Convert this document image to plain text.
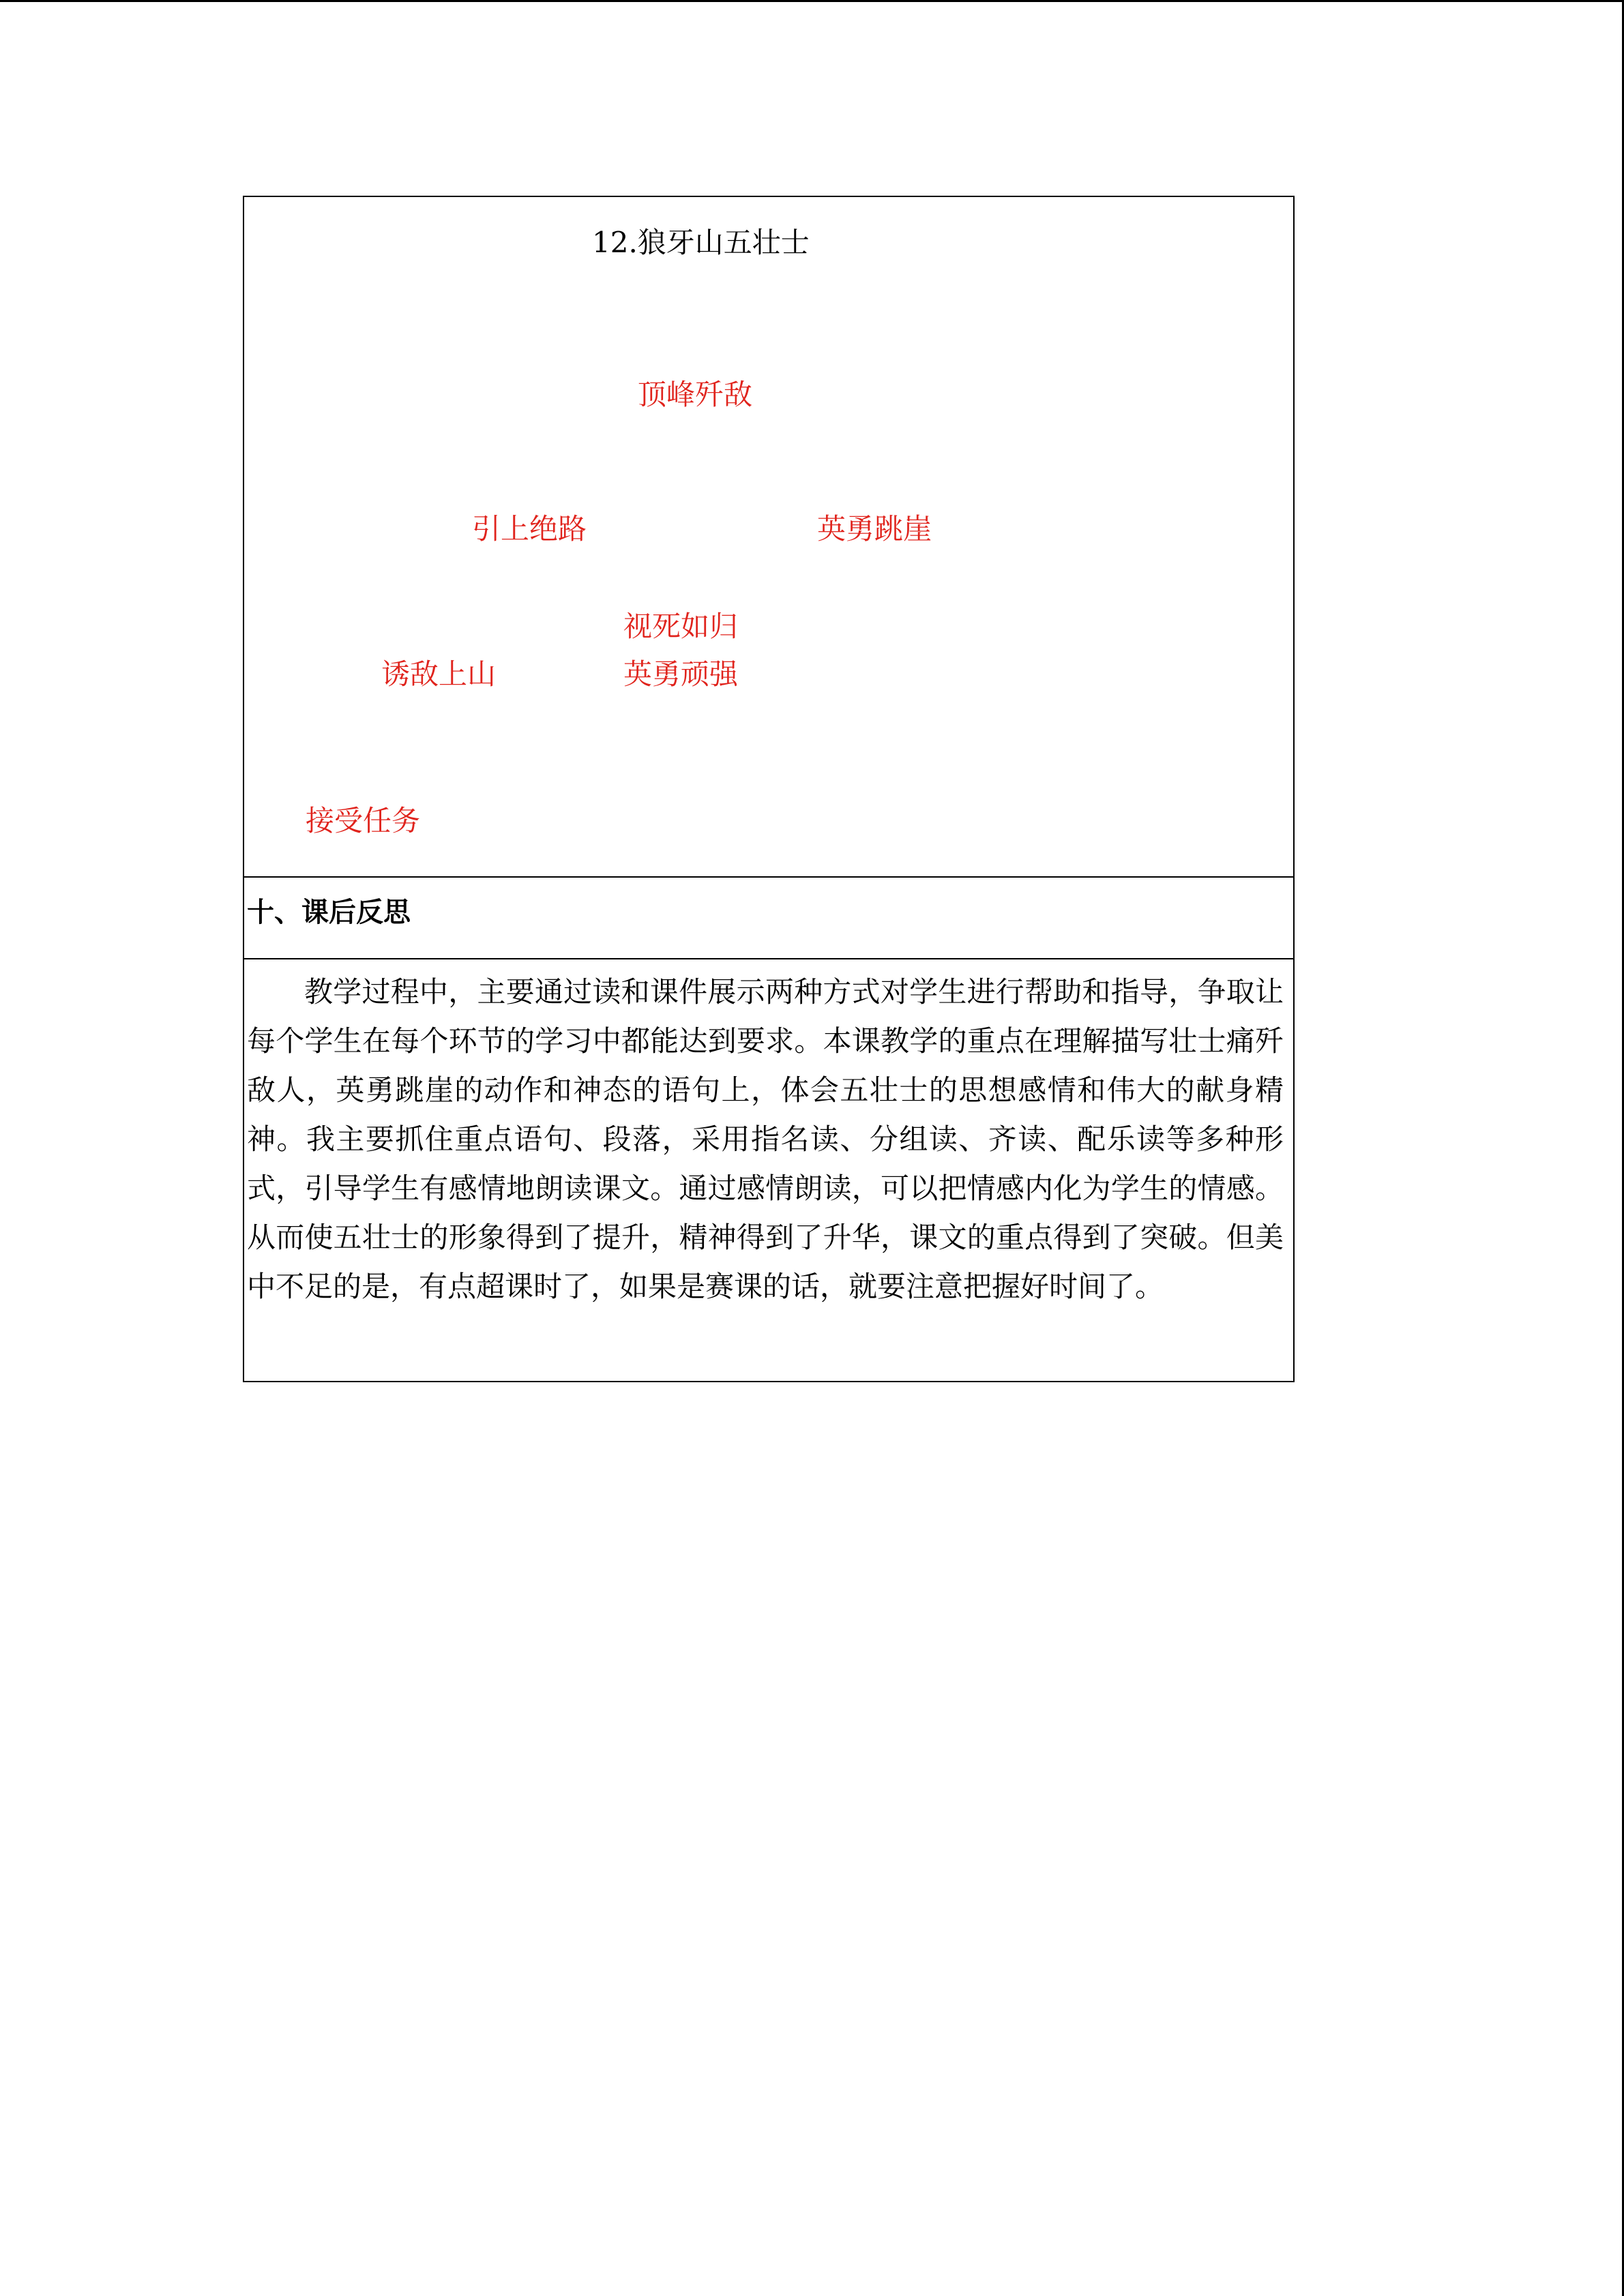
12.狼牙山五壮士
顶峰歼敌
引上绝路	英勇跳崖
视死如归
诱敌上山	英勇顽强
接受任务
十、课后反思

教学过程中，主要通过读和课件展示两种方式对学生进行帮助和指导，争取让每个学生在每个环节的学习中都能达到要求。本课教学的重点在理解描写壮士痛歼敌人，英勇跳崖的动作和神态的语句上，体会五壮士的思想感情和伟大的献身精神。我主要抓住重点语句、段落，采用指名读、分组读、齐读、配乐读等多种形式，引导学生有感情地朗读课文。通过感情朗读，可以把情感内化为学生的情感。从而使五壮士的形象得到了提升，精神得到了升华，课文的重点得到了突破。但美中不足的是，有点超课时了，如果是赛课的话，就要注意把握好时间了。
